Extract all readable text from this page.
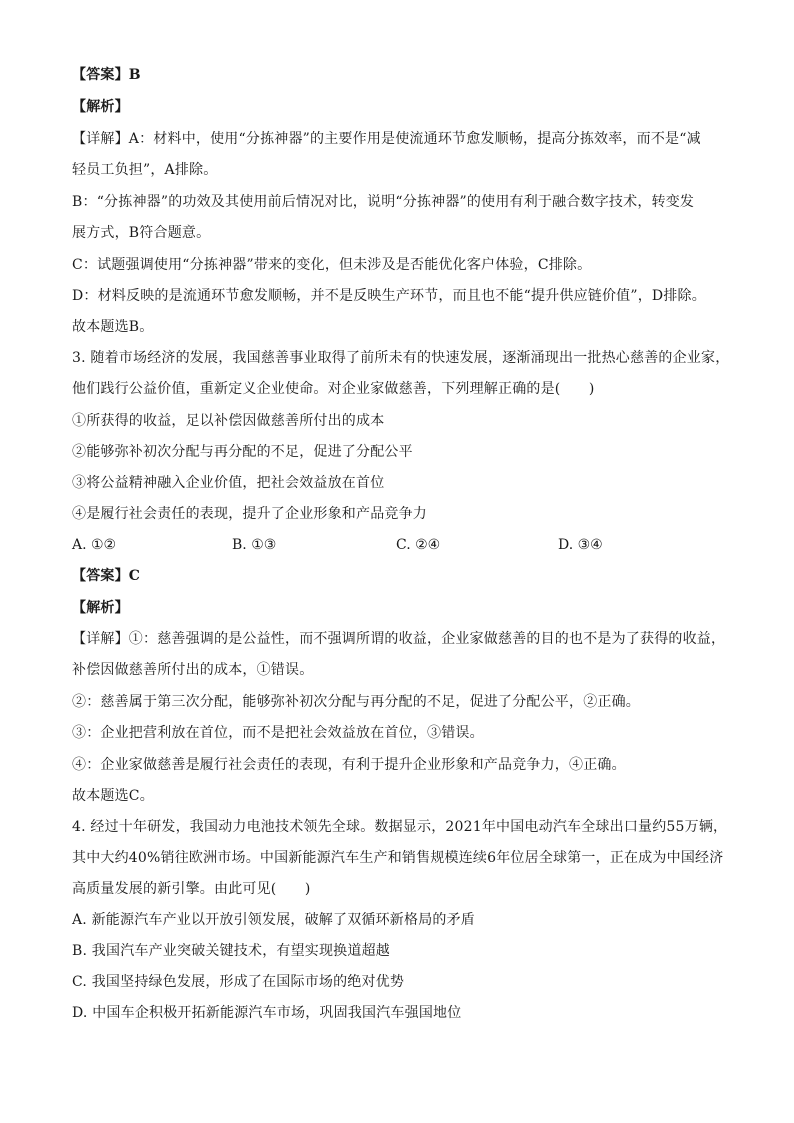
【答案】B
【解析】
【详解】A：材料中，使用“分拣神器”的主要作用是使流通环节愈发顺畅，提高分拣效率，而不是“减
轻员工负担”，A排除。
B：“分拣神器”的功效及其使用前后情况对比，说明“分拣神器”的使用有利于融合数字技术，转变发
展方式，B符合题意。
C：试题强调使用“分拣神器”带来的变化，但未涉及是否能优化客户体验，C排除。
D：材料反映的是流通环节愈发顺畅，并不是反映生产环节，而且也不能“提升供应链价值”，D排除。
故本题选B。
3. 随着市场经济的发展，我国慈善事业取得了前所未有的快速发展，逐渐涌现出一批热心慈善的企业家，
他们践行公益价值，重新定义企业使命。对企业家做慈善，下列理解正确的是(　　)
①所获得的收益，足以补偿因做慈善所付出的成本
②能够弥补初次分配与再分配的不足，促进了分配公平
③将公益精神融入企业价值，把社会效益放在首位
④是履行社会责任的表现，提升了企业形象和产品竞争力
A. ①②	B. ①③	C. ②④	D. ③④
【答案】C
【解析】
【详解】①：慈善强调的是公益性，而不强调所谓的收益，企业家做慈善的目的也不是为了获得的收益，
补偿因做慈善所付出的成本，①错误。
②：慈善属于第三次分配，能够弥补初次分配与再分配的不足，促进了分配公平，②正确。
③：企业把营利放在首位，而不是把社会效益放在首位，③错误。
④：企业家做慈善是履行社会责任的表现，有利于提升企业形象和产品竞争力，④正确。
故本题选C。
4. 经过十年研发，我国动力电池技术领先全球。数据显示，2021年中国电动汽车全球出口量约55万辆，
其中大约40%销往欧洲市场。中国新能源汽车生产和销售规模连续6年位居全球第一，正在成为中国经济
高质量发展的新引擎。由此可见(　　)
A. 新能源汽车产业以开放引领发展，破解了双循环新格局的矛盾
B. 我国汽车产业突破关键技术，有望实现换道超越
C. 我国坚持绿色发展，形成了在国际市场的绝对优势
D. 中国车企积极开拓新能源汽车市场，巩固我国汽车强国地位
